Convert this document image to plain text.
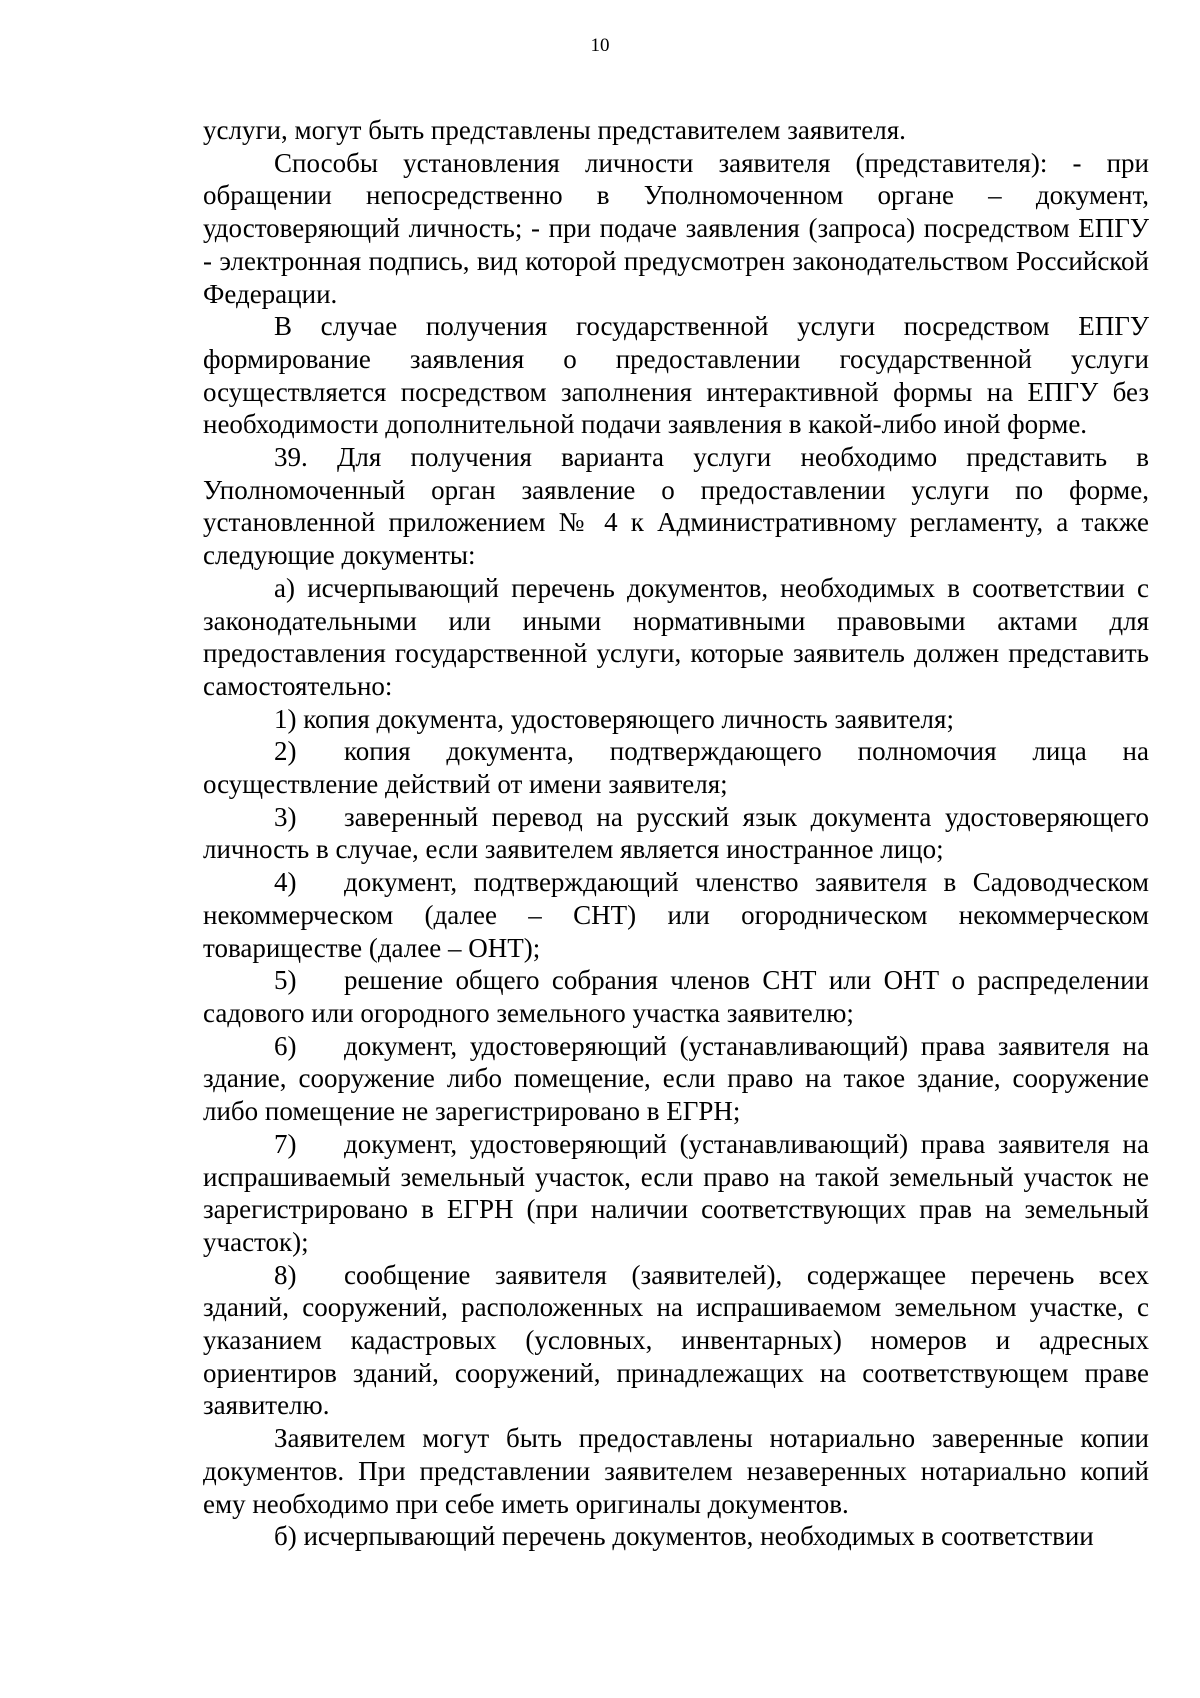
10

услуги, могут быть представлены представителем заявителя.

Способы установления личности заявителя (представителя): - при обращении непосредственно в Уполномоченном органе – документ, удостоверяющий личность; - при подаче заявления (запроса) посредством ЕПГУ - электронная подпись, вид которой предусмотрен законодательством Российской Федерации.

В случае получения государственной услуги посредством ЕПГУ формирование заявления о предоставлении государственной услуги осуществляется посредством заполнения интерактивной формы на ЕПГУ без необходимости дополнительной подачи заявления в какой-либо иной форме.

39. Для получения варианта услуги необходимо представить в Уполномоченный орган заявление о предоставлении услуги по форме, установленной приложением № 4 к Административному регламенту, а также следующие документы:

а) исчерпывающий перечень документов, необходимых в соответствии с законодательными или иными нормативными правовыми актами для предоставления государственной услуги, которые заявитель должен представить самостоятельно:

1) копия документа, удостоверяющего личность заявителя;

2) копия документа, подтверждающего полномочия лица на осуществление действий от имени заявителя;

3) заверенный перевод на русский язык документа удостоверяющего личность в случае, если заявителем является иностранное лицо;

4) документ, подтверждающий членство заявителя в Садоводческом некоммерческом (далее – СНТ) или огородническом некоммерческом товариществе (далее – ОНТ);

5) решение общего собрания членов СНТ или ОНТ о распределении садового или огородного земельного участка заявителю;

6) документ, удостоверяющий (устанавливающий) права заявителя на здание, сооружение либо помещение, если право на такое здание, сооружение либо помещение не зарегистрировано в ЕГРН;

7) документ, удостоверяющий (устанавливающий) права заявителя на испрашиваемый земельный участок, если право на такой земельный участок не зарегистрировано в ЕГРН (при наличии соответствующих прав на земельный участок);

8) сообщение заявителя (заявителей), содержащее перечень всех зданий, сооружений, расположенных на испрашиваемом земельном участке, с указанием кадастровых (условных, инвентарных) номеров и адресных ориентиров зданий, сооружений, принадлежащих на соответствующем праве заявителю.

Заявителем могут быть предоставлены нотариально заверенные копии документов. При представлении заявителем незаверенных нотариально копий ему необходимо при себе иметь оригиналы документов.

б) исчерпывающий перечень документов, необходимых в соответствии
